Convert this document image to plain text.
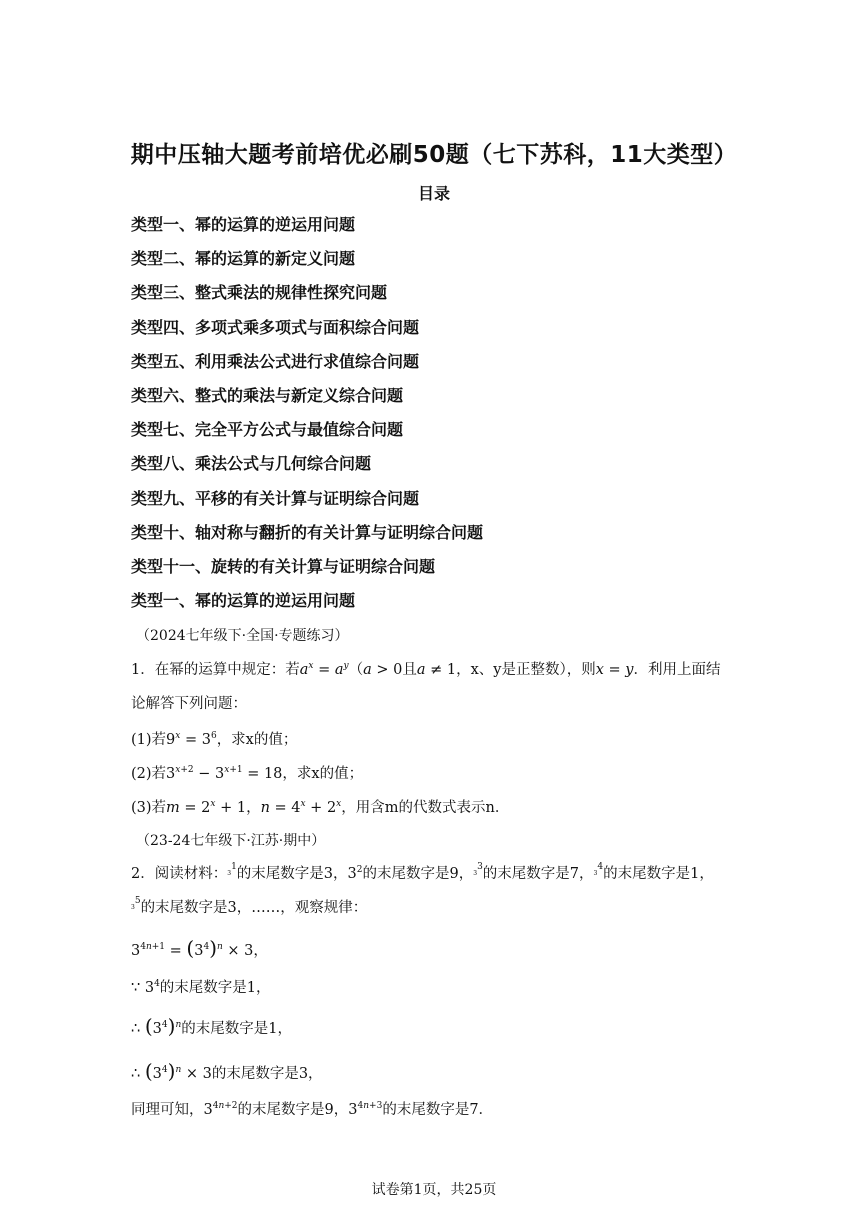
期中压轴大题考前培优必刷50题（七下苏科，11大类型）
目录
类型一、幂的运算的逆运用问题
类型二、幂的运算的新定义问题
类型三、整式乘法的规律性探究问题
类型四、多项式乘多项式与面积综合问题
类型五、利用乘法公式进行求值综合问题
类型六、整式的乘法与新定义综合问题
类型七、完全平方公式与最值综合问题
类型八、乘法公式与几何综合问题
类型九、平移的有关计算与证明综合问题
类型十、轴对称与翻折的有关计算与证明综合问题
类型十一、旋转的有关计算与证明综合问题
类型一、幂的运算的逆运用问题
（2024七年级下·全国·专题练习）
1．在幂的运算中规定：若$a^x = a^y(a > 0$且a ≠ 1，x、y是正整数），则x = y．利用上面结
论解答下列问题：
(1)若$9^x = 3^6$，求x的值；
(2)若$3^{x+2} - 3^{x+1} = 18$，求x的值；
(3)若$m = 2^x + 1$，$n = 4^x + 2^x$，用含m的代数式表示n．
（23-24七年级下·江苏·期中）
2．阅读材料：$^{3^1}$的末尾数字是3，$3^2$的末尾数字是9，$^{3^3}$的末尾数字是7，$^{3^4}$的末尾数字是1，
$^{3^5}$的末尾数字是3，……，观察规律：
$3^{4n+1} = (3^4)^n \times 3$，
∵ $3^4$的末尾数字是1，
∴ $(3^4)^n$的末尾数字是1，
∴ $(3^4)^n \times 3$的末尾数字是3，
同理可知，$3^{4n+2}$的末尾数字是9，$3^{4n+3}$的末尾数字是7．
试卷第1页，共25页
